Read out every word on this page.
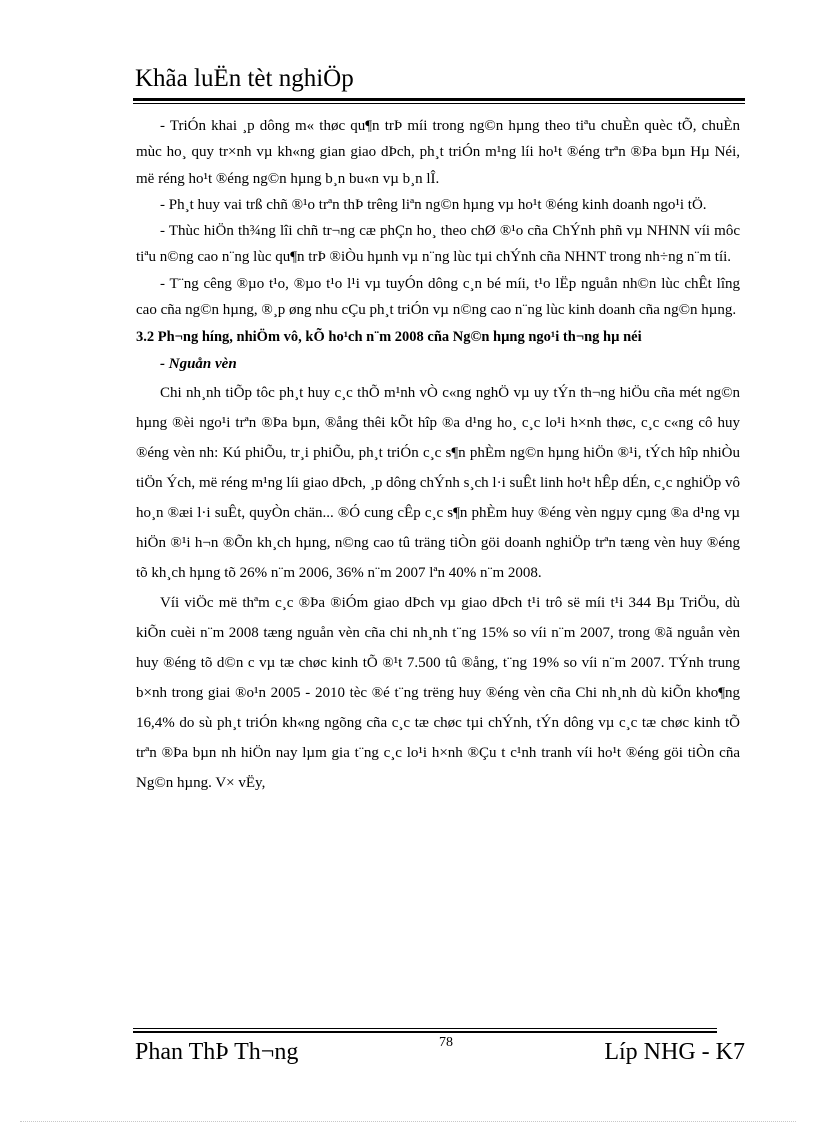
Khãa luËn tèt nghiÖp

- TriÓn khai ¸p dông m« thøc qu¶n trÞ míi trong ng©n hµng theo tiªu chuÈn quèc tÕ, chuÈn mùc ho¸ quy tr×nh vµ kh«ng gian giao dÞch, ph¸t triÓn m¹ng líi ho¹t ®éng trªn ®Þa bµn Hµ Néi, më réng ho¹t ®éng ng©n hµng b¸n bu«n vµ b¸n lÎ.

- Ph¸t huy vai trß chñ ®¹o trªn thÞ trêng liªn ng©n hµng vµ ho¹t ®éng kinh doanh ngo¹i tÖ.

- Thùc hiÖn th¾ng lîi chñ tr¬ng cæ phÇn ho¸ theo chØ ®¹o cña ChÝnh phñ vµ NHNN víi môc tiªu n©ng cao n¨ng lùc qu¶n trÞ ®iÒu hµnh vµ n¨ng lùc tµi chÝnh cña NHNT trong nh÷ng n¨m tíi.

- T¨ng cêng ®µo t¹o, ®µo t¹o l¹i vµ tuyÓn dông c¸n bé míi, t¹o lËp nguån nh©n lùc chÊt lîng cao cña ng©n hµng, ®¸p øng nhu cÇu ph¸t triÓn vµ n©ng cao n¨ng lùc kinh doanh cña ng©n hµng.

3.2 Ph¬ng híng, nhiÖm vô, kÕ ho¹ch n¨m 2008 cña Ng©n hµng ngo¹i th¬ng hµ néi

- Nguån vèn

Chi nh¸nh tiÕp tôc ph¸t huy c¸c thÕ m¹nh vÒ c«ng nghÖ vµ uy tÝn th¬ng hiÖu cña mét ng©n hµng ®èi ngo¹i trªn ®Þa bµn, ®ång thêi kÕt hîp ®a d¹ng ho¸ c¸c lo¹i h×nh thøc, c¸c c«ng cô huy ®éng vèn nh: Kú phiÕu, tr¸i phiÕu, ph¸t triÓn c¸c s¶n phÈm ng©n hµng hiÖn ®¹i, tÝch hîp nhiÒu tiÖn Ých, më réng m¹ng líi giao dÞch, ¸p dông chÝnh s¸ch l·i suÊt linh ho¹t hÊp dÉn, c¸c nghiÖp vô ho¸n ®æi l·i suÊt, quyÒn chän... ®Ó cung cÊp c¸c s¶n phÈm huy ®éng vèn ngµy cµng ®a d¹ng vµ hiÖn ®¹i h¬n ®Õn kh¸ch hµng, n©ng cao tû träng tiÒn göi doanh nghiÖp trªn tæng vèn huy ®éng tõ kh¸ch hµng tõ 26% n¨m 2006, 36% n¨m 2007 lªn 40% n¨m 2008.

Víi viÖc më thªm c¸c ®Þa ®iÓm giao dÞch vµ giao dÞch t¹i trô së míi t¹i 344 Bµ TriÖu, dù kiÕn cuèi n¨m 2008 tæng nguån vèn cña chi nh¸nh t¨ng 15% so víi n¨m 2007, trong ®ã nguån vèn huy ®éng tõ d©n c vµ tæ chøc kinh tÕ ®¹t 7.500 tû ®ång, t¨ng 19% so víi n¨m 2007. TÝnh trung b×nh trong giai ®o¹n 2005 - 2010 tèc ®é t¨ng trëng huy ®éng vèn cña Chi nh¸nh dù kiÕn kho¶ng 16,4% do sù ph¸t triÓn kh«ng ngõng cña c¸c tæ chøc tµi chÝnh, tÝn dông vµ c¸c tæ chøc kinh tÕ trªn ®Þa bµn nh hiÖn nay lµm gia t¨ng c¸c lo¹i h×nh ®Çu t c¹nh tranh víi ho¹t ®éng göi tiÒn cña Ng©n hµng. V× vËy,

Phan ThÞ Th¬ng	78	Líp NHG - K7
